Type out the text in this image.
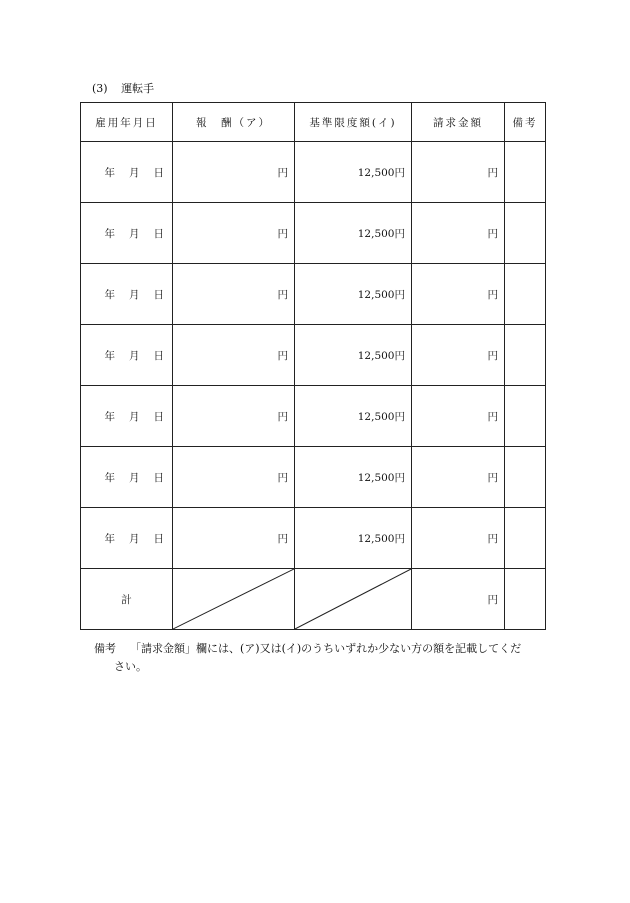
(3) 運転手
雇用年月日	報　酬（ア）	基準限度額(イ)	請求金額	備考
年 月 日	円	12,500円	円	
年 月 日	円	12,500円	円	
年 月 日	円	12,500円	円	
年 月 日	円	12,500円	円	
年 月 日	円	12,500円	円	
年 月 日	円	12,500円	円	
年 月 日	円	12,500円	円	
計			円	
備考 「請求金額」欄には、(ア)又は(イ)のうちいずれか少ない方の額を記載してくだ
さい。
